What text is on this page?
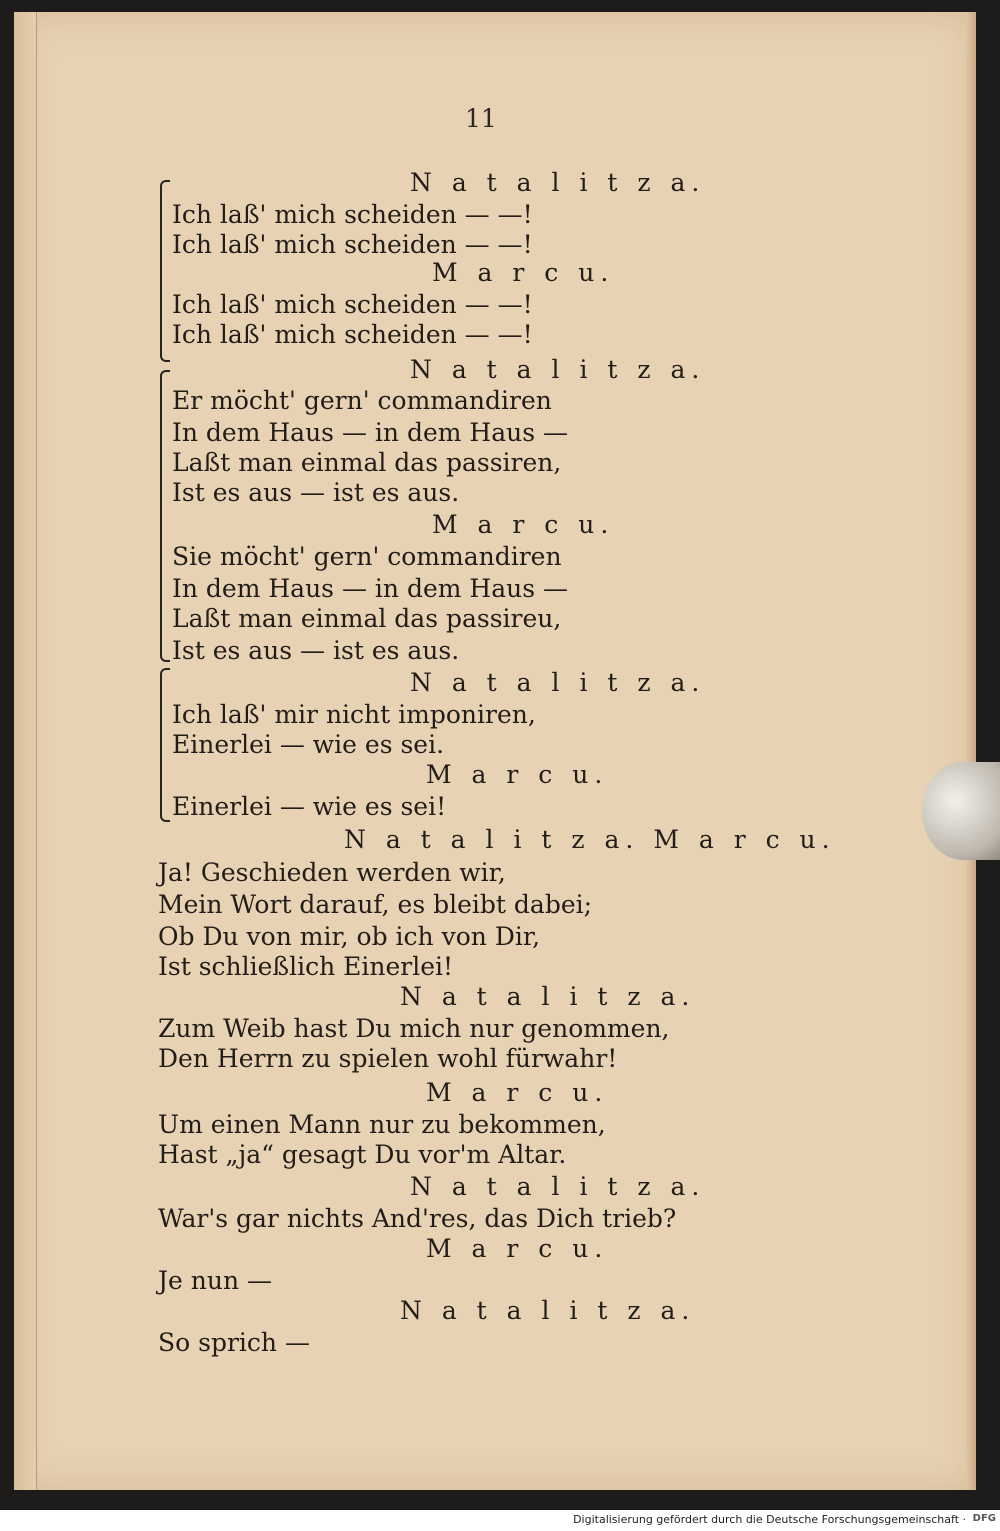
11
N a t a l i t z a.
Ich laß' mich scheiden — —!
Ich laß' mich scheiden — —!
M a r c u.
Ich laß' mich scheiden — —!
Ich laß' mich scheiden — —!
N a t a l i t z a.
Er möcht' gern' commandiren
In dem Haus — in dem Haus —
Laßt man einmal das passiren,
Ist es aus — ist es aus.
M a r c u.
Sie möcht' gern' commandiren
In dem Haus — in dem Haus —
Laßt man einmal das passireu,
Ist es aus — ist es aus.
N a t a l i t z a.
Ich laß' mir nicht imponiren,
Einerlei — wie es sei.
M a r c u.
Einerlei — wie es sei!
N a t a l i t z a. M a r c u.
Ja! Geschieden werden wir,
Mein Wort darauf, es bleibt dabei;
Ob Du von mir, ob ich von Dir,
Ist schließlich Einerlei!
N a t a l i t z a.
Zum Weib hast Du mich nur genommen,
Den Herrn zu spielen wohl fürwahr!
M a r c u.
Um einen Mann nur zu bekommen,
Hast „ja“ gesagt Du vor'm Altar.
N a t a l i t z a.
War's gar nichts And'res, das Dich trieb?
M a r c u.
Je nun —
N a t a l i t z a.
So sprich —
Digitalisierung gefördert durch die Deutsche Forschungsgemeinschaft · DFG
